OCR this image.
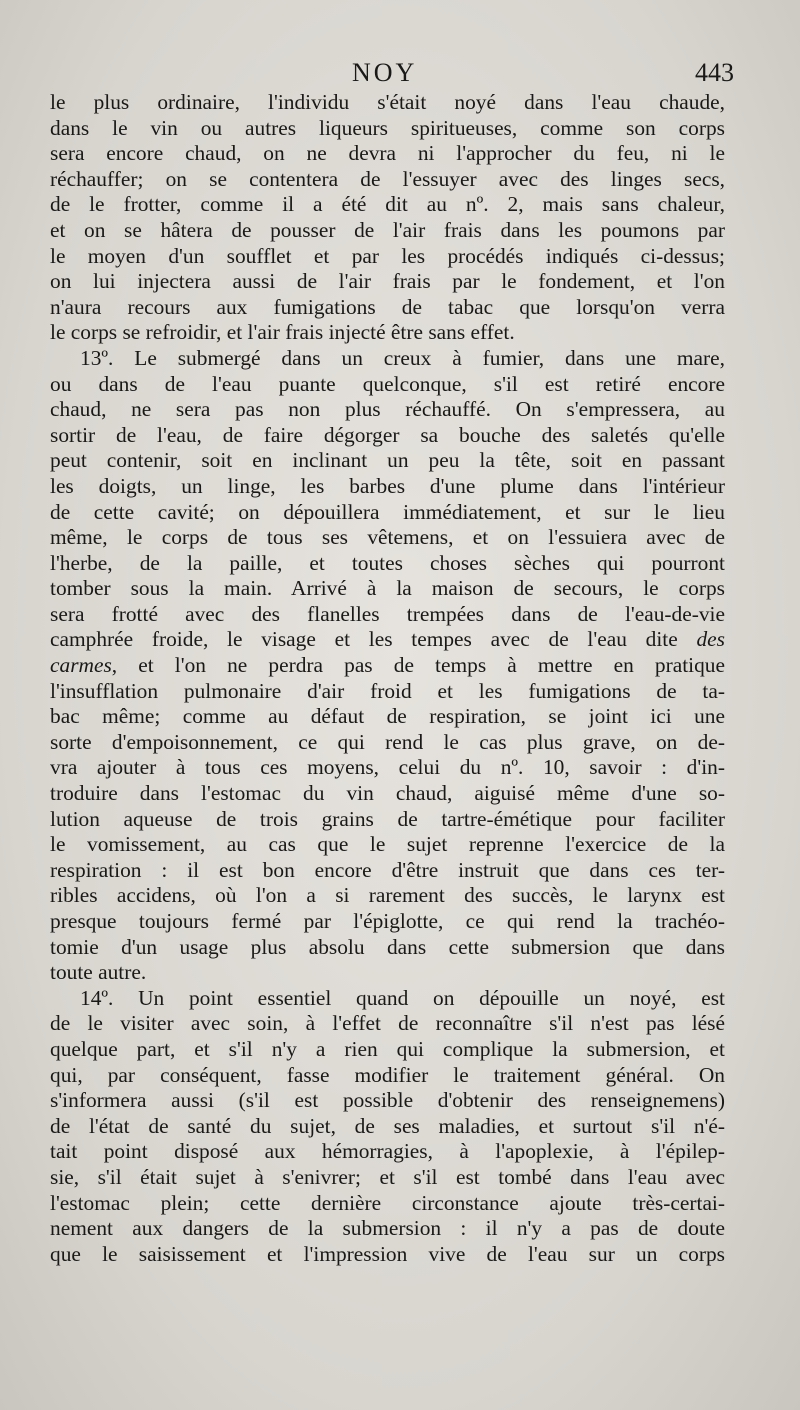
NOY	443
le plus ordinaire, l'individu s'était noyé dans l'eau chaude,
dans le vin ou autres liqueurs spiritueuses, comme son corps
sera encore chaud, on ne devra ni l'approcher du feu, ni le
réchauffer; on se contentera de l'essuyer avec des linges secs,
de le frotter, comme il a été dit au nº. 2, mais sans chaleur,
et on se hâtera de pousser de l'air frais dans les poumons par
le moyen d'un soufflet et par les procédés indiqués ci-dessus;
on lui injectera aussi de l'air frais par le fondement, et l'on
n'aura recours aux fumigations de tabac que lorsqu'on verra
le corps se refroidir, et l'air frais injecté être sans effet.
13º. Le submergé dans un creux à fumier, dans une mare,
ou dans de l'eau puante quelconque, s'il est retiré encore
chaud, ne sera pas non plus réchauffé. On s'empressera, au
sortir de l'eau, de faire dégorger sa bouche des saletés qu'elle
peut contenir, soit en inclinant un peu la tête, soit en passant
les doigts, un linge, les barbes d'une plume dans l'intérieur
de cette cavité; on dépouillera immédiatement, et sur le lieu
même, le corps de tous ses vêtemens, et on l'essuiera avec de
l'herbe, de la paille, et toutes choses sèches qui pourront
tomber sous la main. Arrivé à la maison de secours, le corps
sera frotté avec des flanelles trempées dans de l'eau-de-vie
camphrée froide, le visage et les tempes avec de l'eau dite des
carmes, et l'on ne perdra pas de temps à mettre en pratique
l'insufflation pulmonaire d'air froid et les fumigations de ta-
bac même; comme au défaut de respiration, se joint ici une
sorte d'empoisonnement, ce qui rend le cas plus grave, on de-
vra ajouter à tous ces moyens, celui du nº. 10, savoir : d'in-
troduire dans l'estomac du vin chaud, aiguisé même d'une so-
lution aqueuse de trois grains de tartre-émétique pour faciliter
le vomissement, au cas que le sujet reprenne l'exercice de la
respiration : il est bon encore d'être instruit que dans ces ter-
ribles accidens, où l'on a si rarement des succès, le larynx est
presque toujours fermé par l'épiglotte, ce qui rend la trachéo-
tomie d'un usage plus absolu dans cette submersion que dans
toute autre.
14º. Un point essentiel quand on dépouille un noyé, est
de le visiter avec soin, à l'effet de reconnaître s'il n'est pas lésé
quelque part, et s'il n'y a rien qui complique la submersion, et
qui, par conséquent, fasse modifier le traitement général. On
s'informera aussi (s'il est possible d'obtenir des renseignemens)
de l'état de santé du sujet, de ses maladies, et surtout s'il n'é-
tait point disposé aux hémorragies, à l'apoplexie, à l'épilep-
sie, s'il était sujet à s'enivrer; et s'il est tombé dans l'eau avec
l'estomac plein; cette dernière circonstance ajoute très-certai-
nement aux dangers de la submersion : il n'y a pas de doute
que le saisissement et l'impression vive de l'eau sur un corps
